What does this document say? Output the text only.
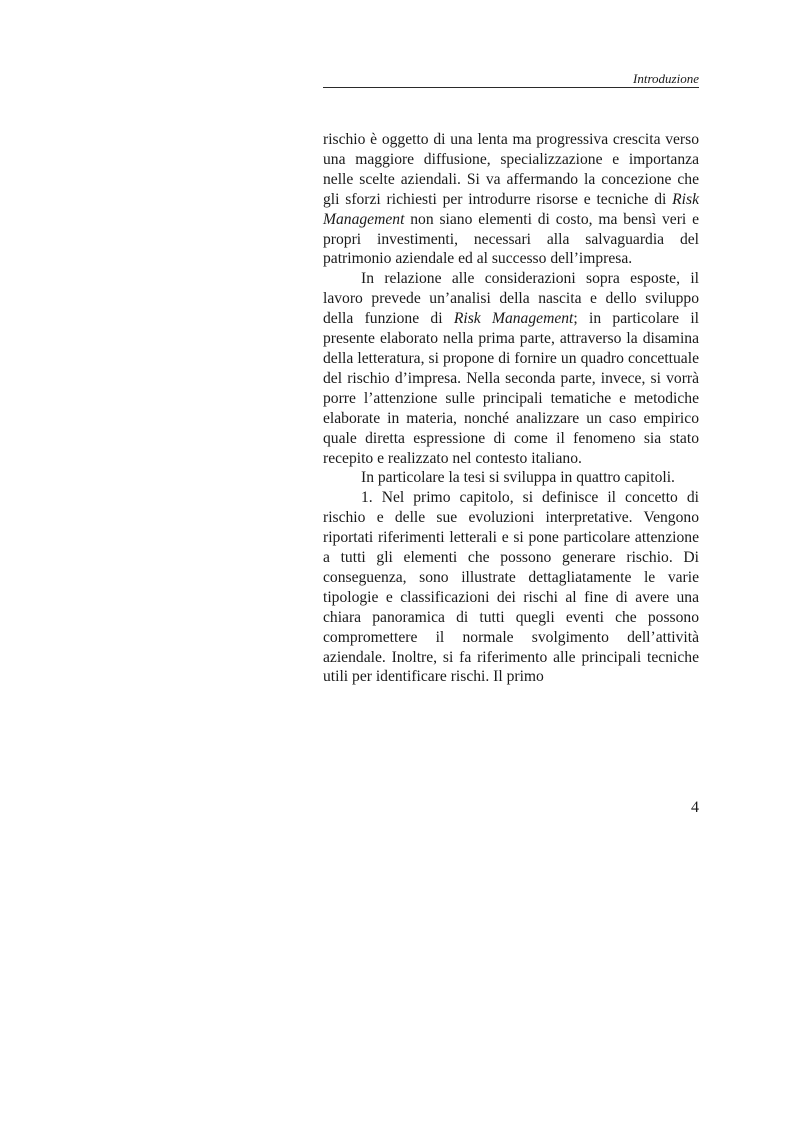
Introduzione

rischio è oggetto di una lenta ma progressiva crescita verso una maggiore diffusione, specializzazione e importanza nelle scelte aziendali. Si va affermando la concezione che gli sforzi richiesti per introdurre risorse e tecniche di Risk Management non siano elementi di costo, ma bensì veri e propri investimenti, necessari alla salvaguardia del patrimonio aziendale ed al successo dell’impresa.

In relazione alle considerazioni sopra esposte, il lavoro prevede un’analisi della nascita e dello sviluppo della funzione di Risk Management; in particolare il presente elaborato nella prima parte, attraverso la disamina della letteratura, si propone di fornire un quadro concettuale del rischio d’impresa. Nella seconda parte, invece, si vorrà porre l’attenzione sulle principali tematiche e metodiche elaborate in materia, nonché analizzare un caso empirico quale diretta espressione di come il fenomeno sia stato recepito e realizzato nel contesto italiano.

In particolare la tesi si sviluppa in quattro capitoli.

1. Nel primo capitolo, si definisce il concetto di rischio e delle sue evoluzioni interpretative. Vengono riportati riferimenti letterali e si pone particolare attenzione a tutti gli elementi che possono generare rischio. Di conseguenza, sono illustrate dettagliatamente le varie tipologie e classificazioni dei rischi al fine di avere una chiara panoramica di tutti quegli eventi che possono compromettere il normale svolgimento dell’attività aziendale. Inoltre, si fa riferimento alle principali tecniche utili per identificare rischi. Il primo

4
